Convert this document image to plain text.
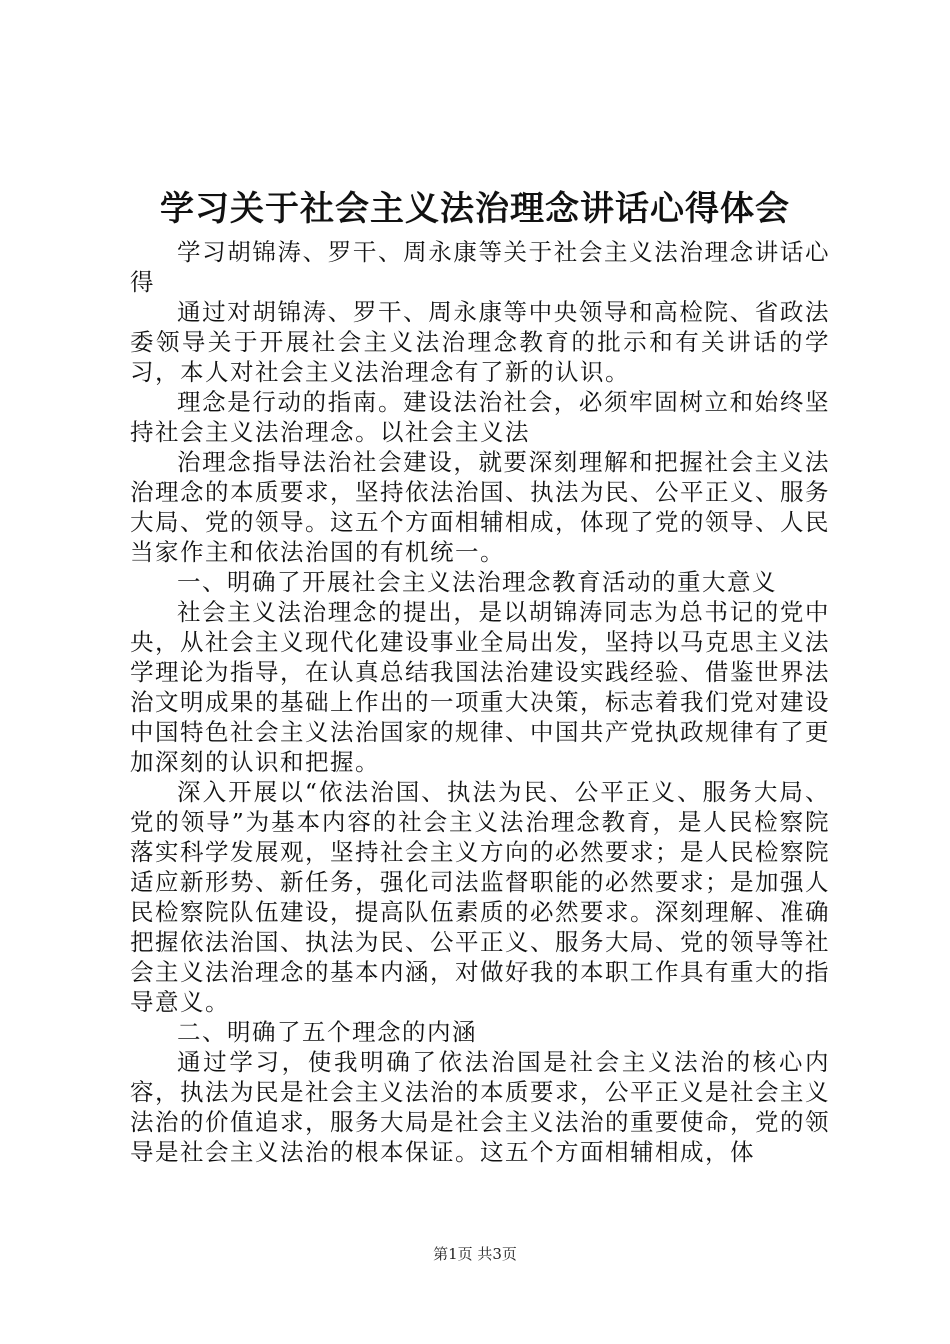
学习关于社会主义法治理念讲话心得体会

学习胡锦涛、罗干、周永康等关于社会主义法治理念讲话心得

通过对胡锦涛、罗干、周永康等中央领导和高检院、省政法委领导关于开展社会主义法治理念教育的批示和有关讲话的学习，本人对社会主义法治理念有了新的认识。

理念是行动的指南。建设法治社会，必须牢固树立和始终坚持社会主义法治理念。以社会主义法

治理念指导法治社会建设，就要深刻理解和把握社会主义法治理念的本质要求，坚持依法治国、执法为民、公平正义、服务大局、党的领导。这五个方面相辅相成，体现了党的领导、人民当家作主和依法治国的有机统一。

一、明确了开展社会主义法治理念教育活动的重大意义

社会主义法治理念的提出，是以胡锦涛同志为总书记的党中央，从社会主义现代化建设事业全局出发，坚持以马克思主义法学理论为指导，在认真总结我国法治建设实践经验、借鉴世界法治文明成果的基础上作出的一项重大决策，标志着我们党对建设中国特色社会主义法治国家的规律、中国共产党执政规律有了更加深刻的认识和把握。

深入开展以“依法治国、执法为民、公平正义、服务大局、党的领导”为基本内容的社会主义法治理念教育，是人民检察院落实科学发展观，坚持社会主义方向的必然要求；是人民检察院适应新形势、新任务，强化司法监督职能的必然要求；是加强人民检察院队伍建设，提高队伍素质的必然要求。深刻理解、准确把握依法治国、执法为民、公平正义、服务大局、党的领导等社会主义法治理念的基本内涵，对做好我的本职工作具有重大的指导意义。

二、明确了五个理念的内涵

通过学习，使我明确了依法治国是社会主义法治的核心内容，执法为民是社会主义法治的本质要求，公平正义是社会主义法治的价值追求，服务大局是社会主义法治的重要使命，党的领导是社会主义法治的根本保证。这五个方面相辅相成，体

第1页 共3页
